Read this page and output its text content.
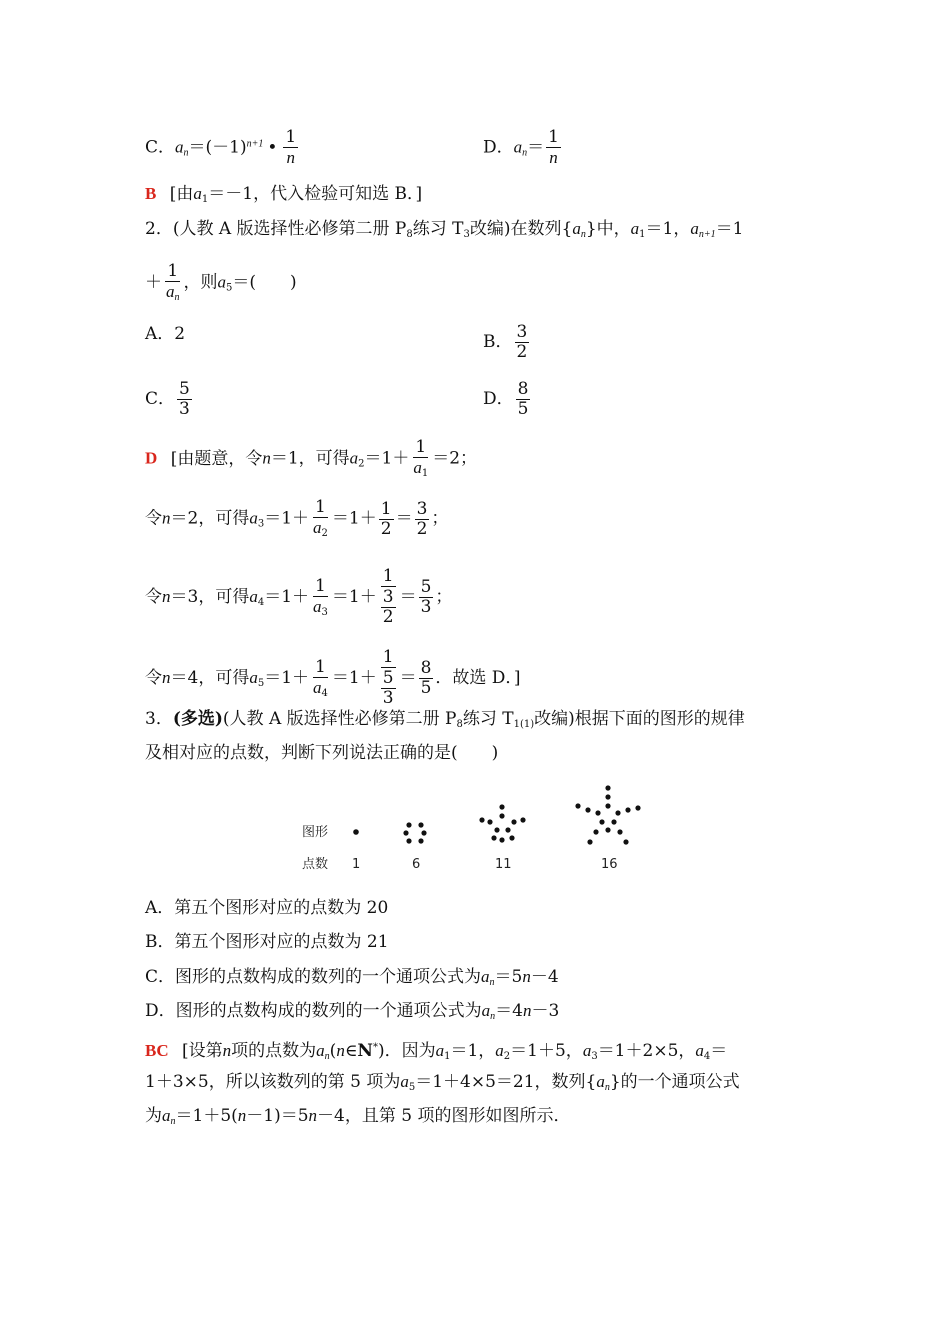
C．$a_n=(-1)^{n+1}$ • $\frac{1}{n}$	D．$a_n= \frac{1}{n}$
B [由$a_1=-1$，代入检验可知选 B．]
2．(人教 A 版选择性必修第二册 $P_8$练习 $T_3$改编)在数列$\{a_n\}$中，$a_1=1$，$a_{n+1}=1$
＋ $\frac{1}{a_n}$ ，则$a_5=$(　　)
A．2	B． $\frac{3}{2}$
C． $\frac{5}{3}$	D． $\frac{8}{5}$
D [由题意，令n＝1，可得$a_2=1+ \frac{1}{a_1} =2$；
令n＝2，可得$a_3=1+ \frac{1}{a_2} =1+ \frac{1}{2} = \frac{3}{2}$ ；
令n＝3，可得$a_4=1+ \frac{1}{a_3} =1+ \frac{1}{\frac{3}{2}} = \frac{5}{3}$ ；
令n＝4，可得$a_5=1+ \frac{1}{a_4} =1+ \frac{1}{\frac{5}{3}} = \frac{8}{5}$ ．故选 D．]
3．(多选)(人教 A 版选择性必修第二册 $P_8$练习 $T_{1(1)}$改编)根据下面的图形的规律
及相对应的点数，判断下列说法正确的是(　　)
图形
点数 1	6	11	16
A．第五个图形对应的点数为 20
B．第五个图形对应的点数为 21
C．图形的点数构成的数列的一个通项公式为$a_n=5n-4$
D．图形的点数构成的数列的一个通项公式为$a_n=4n-3$
BC [设第n项的点数为$a_n(n\in N^*)$．因为$a_1=1$，$a_2=1+5$，$a_3=1+2\times 5$，$a_4=$
1＋3×5，所以该数列的第 5 项为$a_5=1+4\times 5=21$，数列$\{a_n\}$的一个通项公式
为$a_n=1+5(n-1)=5n-4$，且第 5 项的图形如图所示．
